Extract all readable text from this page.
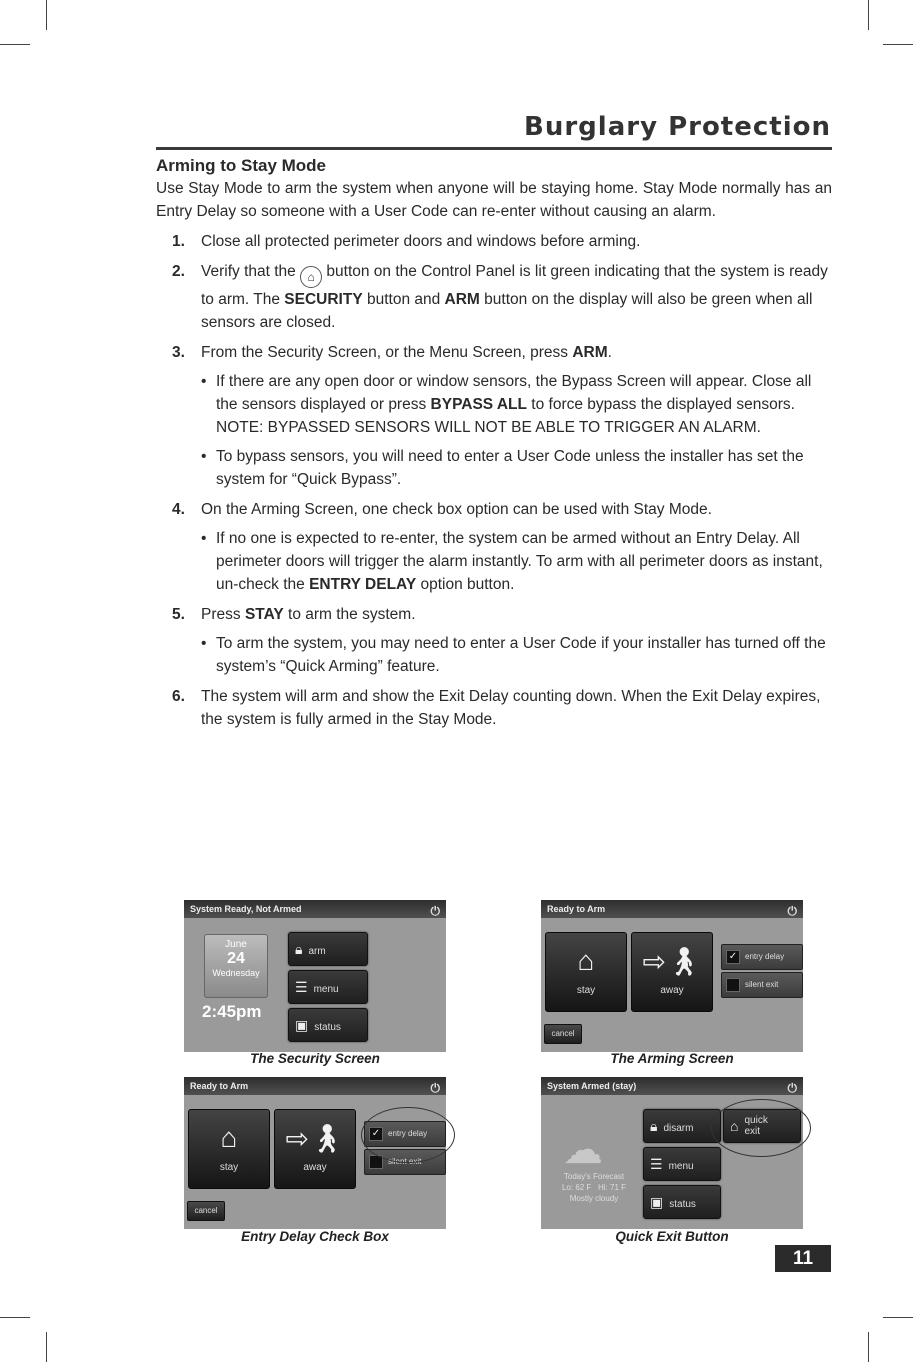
Burglary Protection
Arming to Stay Mode

Use Stay Mode to arm the system when anyone will be staying home. Stay Mode normally has an Entry Delay so someone with a User Code can re-enter without causing an alarm.

1. Close all protected perimeter doors and windows before arming.

2. Verify that the ⌂ button on the Control Panel is lit green indicating that the system is ready to arm. The SECURITY button and ARM button on the display will also be green when all sensors are closed.

3. From the Security Screen, or the Menu Screen, press ARM.

• If there are any open door or window sensors, the Bypass Screen will appear. Close all the sensors displayed or press BYPASS ALL to force bypass the displayed sensors. NOTE: BYPASSED SENSORS WILL NOT BE ABLE TO TRIGGER AN ALARM.
• To bypass sensors, you will need to enter a User Code unless the installer has set the system for “Quick Bypass”.
4. On the Arming Screen, one check box option can be used with Stay Mode.

• If no one is expected to re-enter, the system can be armed without an Entry Delay. All perimeter doors will trigger the alarm instantly. To arm with all perimeter doors as instant, un-check the ENTRY DELAY option button.
5. Press STAY to arm the system.

• To arm the system, you may need to enter a User Code if your installer has turned off the system’s “Quick Arming” feature.
6. The system will arm and show the Exit Delay counting down. When the Exit Delay expires, the system is fully armed in the Stay Mode.

System Ready, Not Armed	⏻
June
24
Wednesday
2:45pm
🔒︎ arm
☰ menu
▣ status
The Security Screen
Ready to Arm	⏻
⌂
stay
⇨🚶︎
away
✓ entry delay
silent exit
cancel
The Arming Screen
Ready to Arm	⏻
⌂
stay
⇨🚶︎
away
✓ entry delay
silent exit
cancel
Entry Delay Check Box
System Armed (stay)	⏻
☁
Today's Forecast
Lo: 62 F Hi: 71 F
Mostly cloudy
🔒︎ disarm	⌂ quick
exit
☰ menu
▣ status
Quick Exit Button
11
